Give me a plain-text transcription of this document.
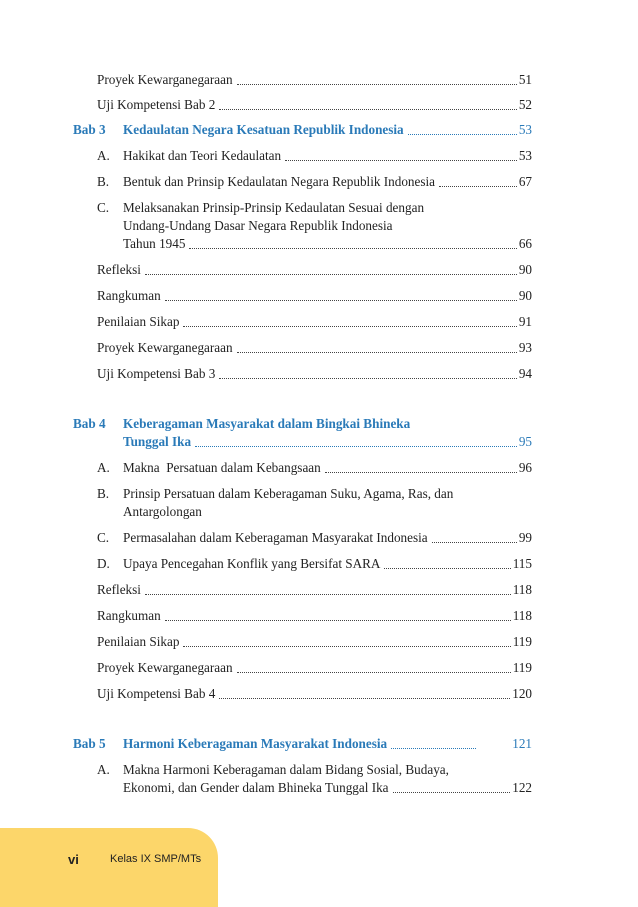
Proyek Kewarganegaraan	51
Uji Kompetensi Bab 2	52
Bab 3 Kedaulatan Negara Kesatuan Republik Indonesia	53
A. Hakikat dan Teori Kedaulatan	53
B. Bentuk dan Prinsip Kedaulatan Negara Republik Indonesia	67
C. Melaksanakan Prinsip-Prinsip Kedaulatan Sesuai dengan
Undang-Undang Dasar Negara Republik Indonesia
Tahun 1945	66
Refleksi	90
Rangkuman	90
Penilaian Sikap	91
Proyek Kewarganegaraan	93
Uji Kompetensi Bab 3	94
Bab 4 Keberagaman Masyarakat dalam Bingkai Bhineka
Tunggal Ika	95
A. Makna  Persatuan dalam Kebangsaan	96
B. Prinsip Persatuan dalam Keberagaman Suku, Agama, Ras, dan
Antargolongan
C. Permasalahan dalam Keberagaman Masyarakat Indonesia	99
D. Upaya Pencegahan Konflik yang Bersifat SARA	115
Refleksi	118
Rangkuman	118
Penilaian Sikap	119
Proyek Kewarganegaraan	119
Uji Kompetensi Bab 4	120
Bab 5 Harmoni Keberagaman Masyarakat Indonesia	121
A. Makna Harmoni Keberagaman dalam Bidang Sosial, Budaya,
Ekonomi, dan Gender dalam Bhineka Tunggal Ika	122
vi	Kelas IX SMP/MTs
